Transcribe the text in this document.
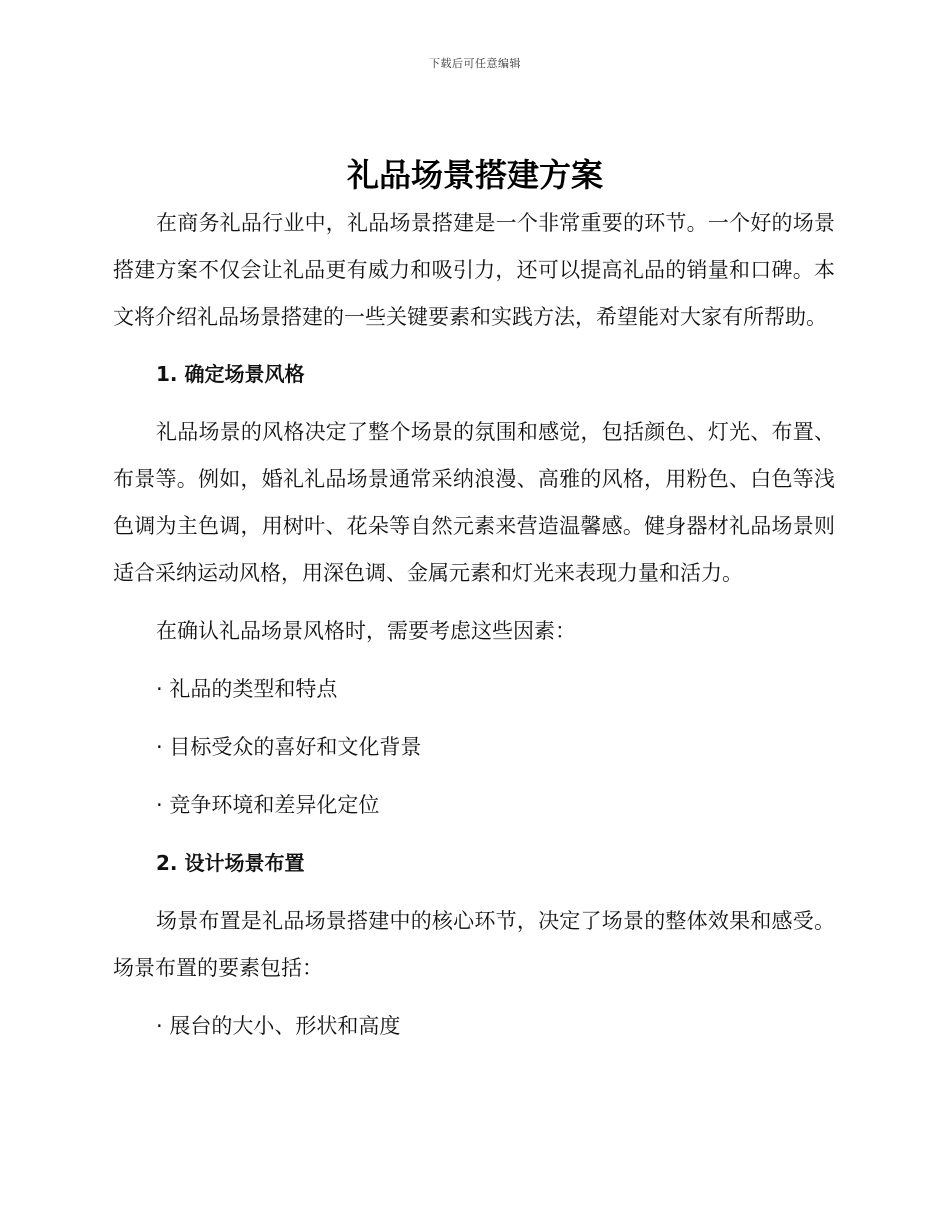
下载后可任意编辑
礼品场景搭建方案

在商务礼品行业中，礼品场景搭建是一个非常重要的环节。一个好的场景搭建方案不仅会让礼品更有威力和吸引力，还可以提高礼品的销量和口碑。本文将介绍礼品场景搭建的一些关键要素和实践方法，希望能对大家有所帮助。

1. 确定场景风格

礼品场景的风格决定了整个场景的氛围和感觉，包括颜色、灯光、布置、布景等。例如，婚礼礼品场景通常采纳浪漫、高雅的风格，用粉色、白色等浅色调为主色调，用树叶、花朵等自然元素来营造温馨感。健身器材礼品场景则适合采纳运动风格，用深色调、金属元素和灯光来表现力量和活力。

在确认礼品场景风格时，需要考虑这些因素：

· 礼品的类型和特点

· 目标受众的喜好和文化背景

· 竞争环境和差异化定位

2. 设计场景布置

场景布置是礼品场景搭建中的核心环节，决定了场景的整体效果和感受。场景布置的要素包括：

· 展台的大小、形状和高度
